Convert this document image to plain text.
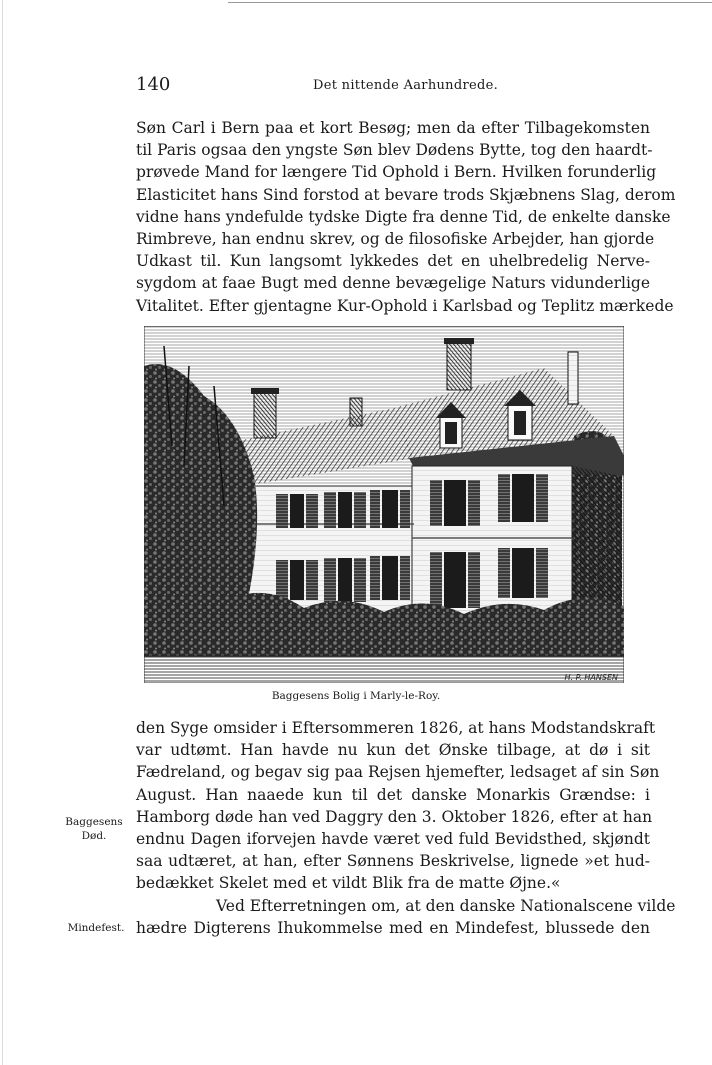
140	Det nittende Aarhundrede.
Søn Carl i Bern paa et kort Besøg; men da efter Tilbagekomsten
til Paris ogsaa den yngste Søn blev Dødens Bytte, tog den haardt-
prøvede Mand for længere Tid Ophold i Bern. Hvilken forunderlig
Elasticitet hans Sind forstod at bevare trods Skjæbnens Slag, derom
vidne hans yndefulde tydske Digte fra denne Tid, de enkelte danske
Rimbreve, han endnu skrev, og de filosofiske Arbejder, han gjorde
Udkast til. Kun langsomt lykkedes det en uhelbredelig Nerve-
sygdom at faae Bugt med denne bevægelige Naturs vidunderlige
Vitalitet. Efter gjentagne Kur-Ophold i Karlsbad og Teplitz mærkede
H. P. HANSEN
Baggesens Bolig i Marly-le-Roy.
den Syge omsider i Eftersommeren 1826, at hans Modstandskraft
var udtømt. Han havde nu kun det Ønske tilbage, at dø i sit
Fædreland, og begav sig paa Rejsen hjemefter, ledsaget af sin Søn
August. Han naaede kun til det danske Monarkis Grændse: i
Hamborg døde han ved Daggry den 3. Oktober 1826, efter at han
endnu Dagen iforvejen havde været ved fuld Bevidsthed, skjøndt
saa udtæret, at han, efter Sønnens Beskrivelse, lignede »et hud-
bedækket Skelet med et vildt Blik fra de matte Øjne.«
Ved Efterretningen om, at den danske Nationalscene vilde
hædre Digterens Ihukommelse med en Mindefest, blussede den
Baggesens
Død.
Mindefest.
